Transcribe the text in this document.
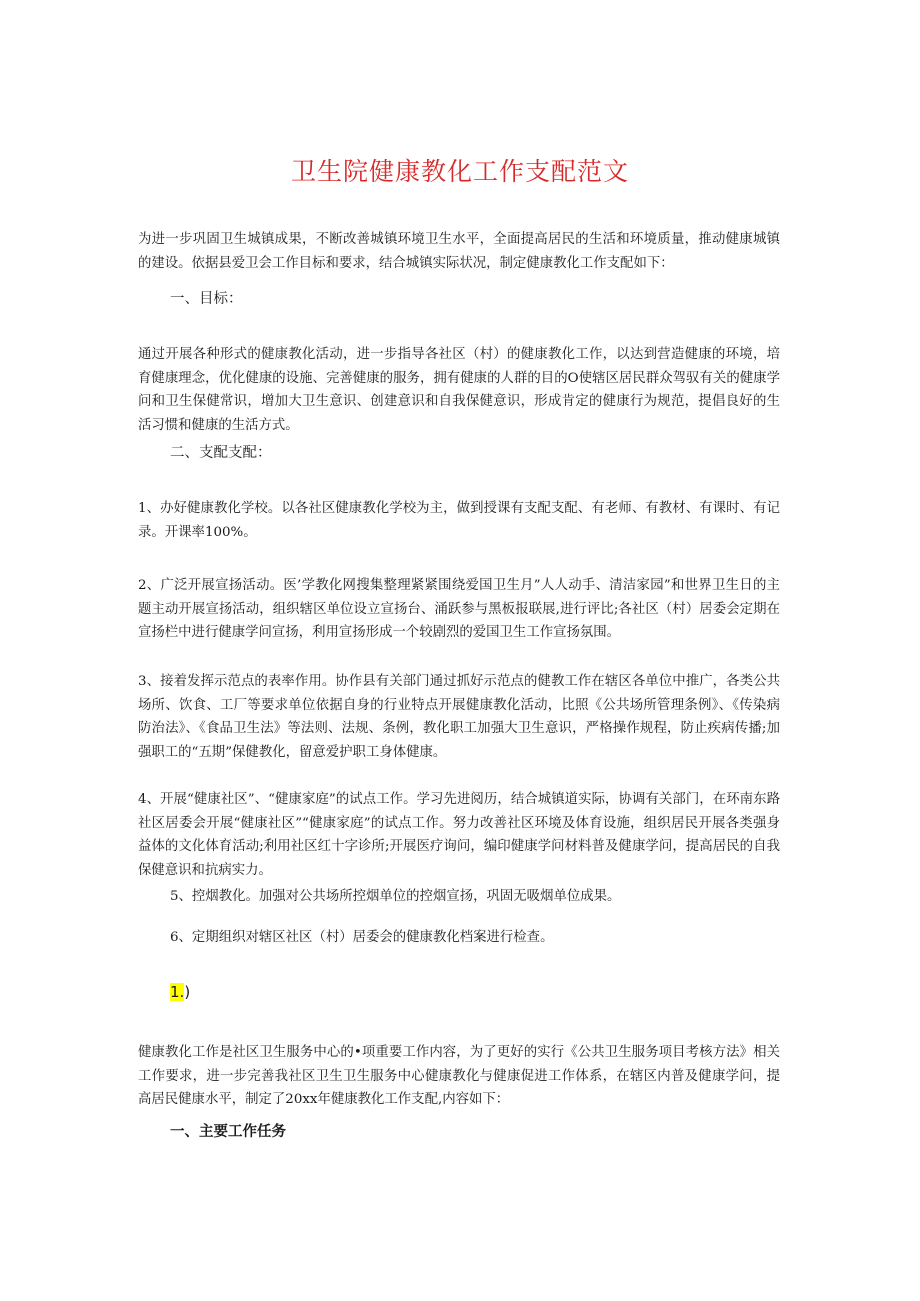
卫生院健康教化工作支配范文

为进一步巩固卫生城镇成果，不断改善城镇环境卫生水平，全面提高居民的生活和环境质量，推动健康城镇的建设。依据县爱卫会工作目标和要求，结合城镇实际状况，制定健康教化工作支配如下：

一、目标：

通过开展各种形式的健康教化活动，进一步指导各社区（村）的健康教化工作，以达到营造健康的环境，培育健康理念，优化健康的设施、完善健康的服务，拥有健康的人群的目的O使辖区居民群众驾驭有关的健康学问和卫生保健常识，增加大卫生意识、创建意识和自我保健意识，形成肯定的健康行为规范，提倡良好的生活习惯和健康的生活方式。

二、支配支配：

1、办好健康教化学校。以各社区健康教化学校为主，做到授课有支配支配、有老师、有教材、有课时、有记录。开课率100%。

2、广泛开展宣扬活动。医’学教化网搜集整理紧紧围绕爱国卫生月”人人动手、清洁家园”和世界卫生日的主题主动开展宣扬活动，组织辖区单位设立宣扬台、涌跃参与黑板报联展,进行评比;各社区（村）居委会定期在宣扬栏中进行健康学问宣扬，利用宣扬形成一个较剧烈的爱国卫生工作宣扬氛围。

3、接着发挥示范点的表率作用。协作县有关部门通过抓好示范点的健教工作在辖区各单位中推广，各类公共场所、饮食、工厂等要求单位依据自身的行业特点开展健康教化活动，比照《公共场所管理条例》、《传染病防治法》、《食品卫生法》等法则、法规、条例，教化职工加强大卫生意识，严格操作规程，防止疾病传播;加强职工的“五期”保健教化，留意爱护职工身体健康。

4、开展“健康社区”、“健康家庭”的试点工作。学习先进阅历，结合城镇道实际，协调有关部门，在环南东路社区居委会开展“健康社区”“健康家庭”的试点工作。努力改善社区环境及体育设施，组织居民开展各类强身益体的文化体育活动;利用社区红十字诊所;开展医疗询问，编印健康学问材料普及健康学问，提高居民的自我保健意识和抗病实力。

5、控烟教化。加强对公共场所控烟单位的控烟宣扬，巩固无吸烟单位成果。

6、定期组织对辖区社区（村）居委会的健康教化档案进行检查。

1.)

健康教化工作是社区卫生服务中心的•项重要工作内容，为了更好的实行《公共卫生服务项目考核方法》相关工作要求，进一步完善我社区卫生卫生服务中心健康教化与健康促进工作体系，在辖区内普及健康学问，提高居民健康水平，制定了20xx年健康教化工作支配,内容如下：

一、主要工作任务
